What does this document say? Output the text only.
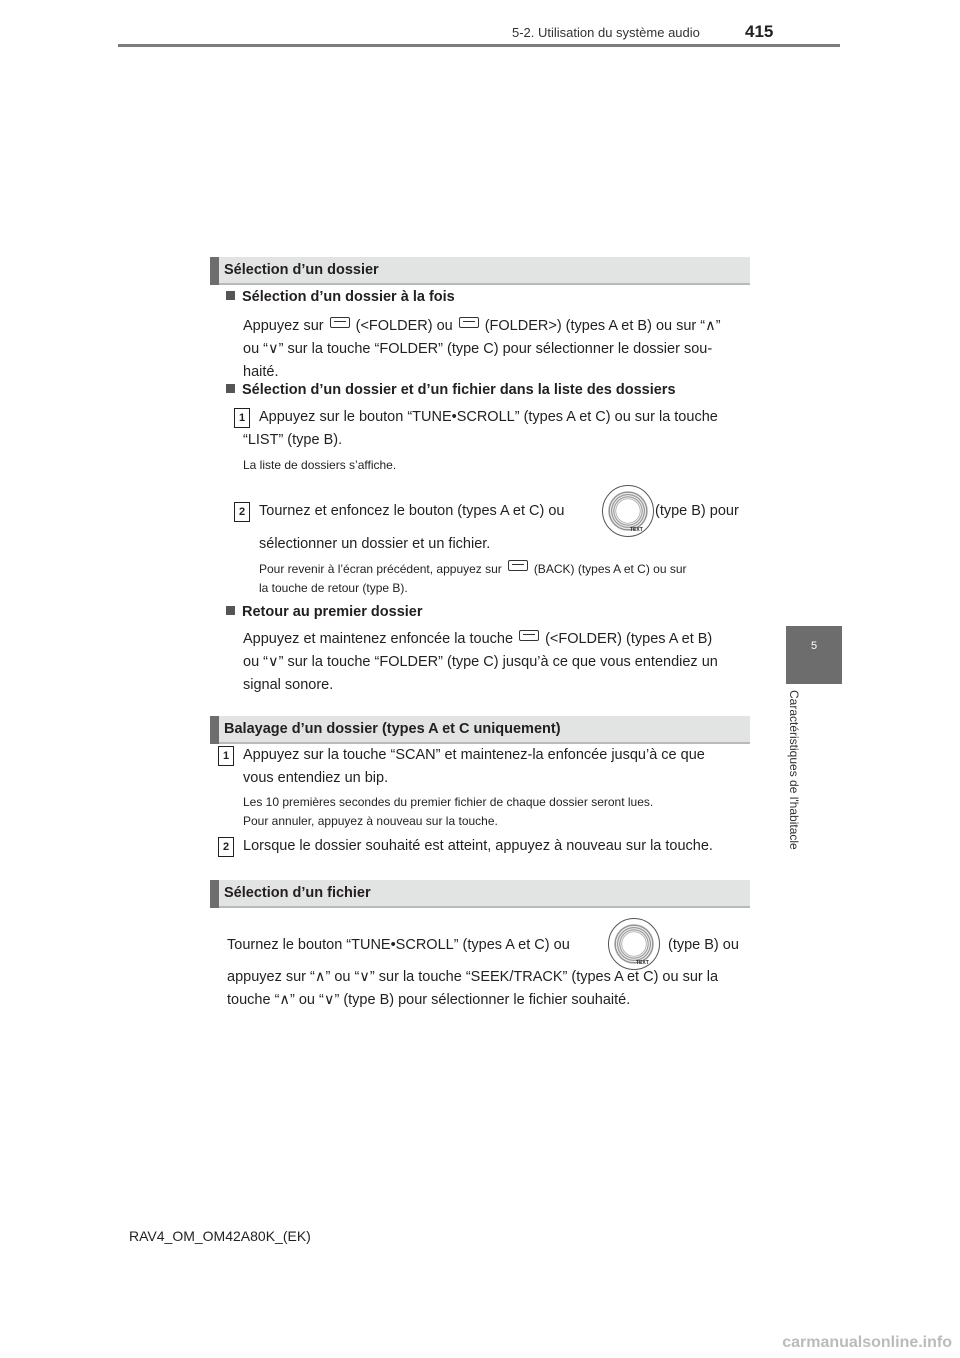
5-2. Utilisation du système audio	415
5
Caractéristiques de l'habitacle
Sélection d’un dossier
Sélection d’un dossier à la fois
Appuyez sur (<FOLDER) ou (FOLDER>) (types A et B) ou sur “∧”
ou “∨” sur la touche “FOLDER” (type C) pour sélectionner le dossier sou-
haité.
Sélection d’un dossier et d’un fichier dans la liste des dossiers
1 Appuyez sur le bouton “TUNE•SCROLL” (types A et C) ou sur la touche
“LIST” (type B).
La liste de dossiers s’affiche.
2 Tournez et enfoncez le bouton (types A et C) ou
TEXT
(type B) pour
sélectionner un dossier et un fichier.
Pour revenir à l’écran précédent, appuyez sur	(BACK) (types A et C) ou sur
la touche de retour (type B).
Retour au premier dossier
Appuyez et maintenez enfoncée la touche (<FOLDER) (types A et B)
ou “∨” sur la touche “FOLDER” (type C) jusqu’à ce que vous entendiez un
signal sonore.
Balayage d’un dossier (types A et C uniquement)
1 Appuyez sur la touche “SCAN” et maintenez-la enfoncée jusqu’à ce que
vous entendiez un bip.
Les 10 premières secondes du premier fichier de chaque dossier seront lues.
Pour annuler, appuyez à nouveau sur la touche.
2 Lorsque le dossier souhaité est atteint, appuyez à nouveau sur la touche.
Sélection d’un fichier
Tournez le bouton “TUNE•SCROLL” (types A et C) ou
TEXT
(type B) ou
appuyez sur “∧” ou “∨” sur la touche “SEEK/TRACK” (types A et C) ou sur la
touche “∧” ou “∨” (type B) pour sélectionner le fichier souhaité.
RAV4_OM_OM42A80K_(EK)
carmanualsonline.info
